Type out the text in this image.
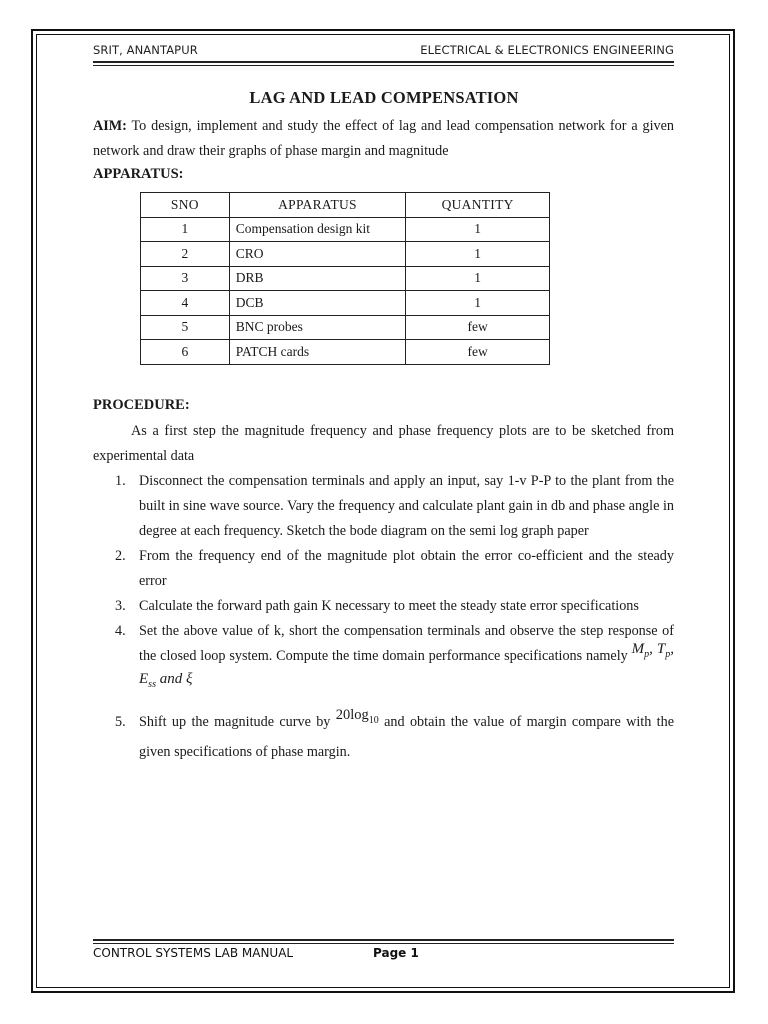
SRIT, ANANTAPUR	ELECTRICAL & ELECTRONICS ENGINEERING
LAG AND LEAD COMPENSATION
AIM: To design, implement and study the effect of lag and lead compensation network for a given network and draw their graphs of phase margin and magnitude
APPARATUS:
SNO	APPARATUS	QUANTITY
1	Compensation design kit	1
2	CRO	1
3	DRB	1
4	DCB	1
5	BNC probes	few
6	PATCH cards	few
PROCEDURE:
As a first step the magnitude frequency and phase frequency plots are to be sketched from experimental data
1. Disconnect the compensation terminals and apply an input, say 1-v P-P to the plant from the built in sine wave source. Vary the frequency and calculate plant gain in db and phase angle in degree at each frequency. Sketch the bode diagram on the semi log graph paper
2. From the frequency end of the magnitude plot obtain the error co-efficient and the steady error
3. Calculate the forward path gain K necessary to meet the steady state error specifications
4. Set the above value of k, short the compensation terminals and observe the step response of the closed loop system. Compute the time domain performance specifications namely $M_p$, $T_p$, $E_{ss}$ and ξ
5. Shift up the magnitude curve by $20\log_{10}$ and obtain the value of margin compare with the given specifications of phase margin.
CONTROL SYSTEMS LAB MANUAL	Page 1
